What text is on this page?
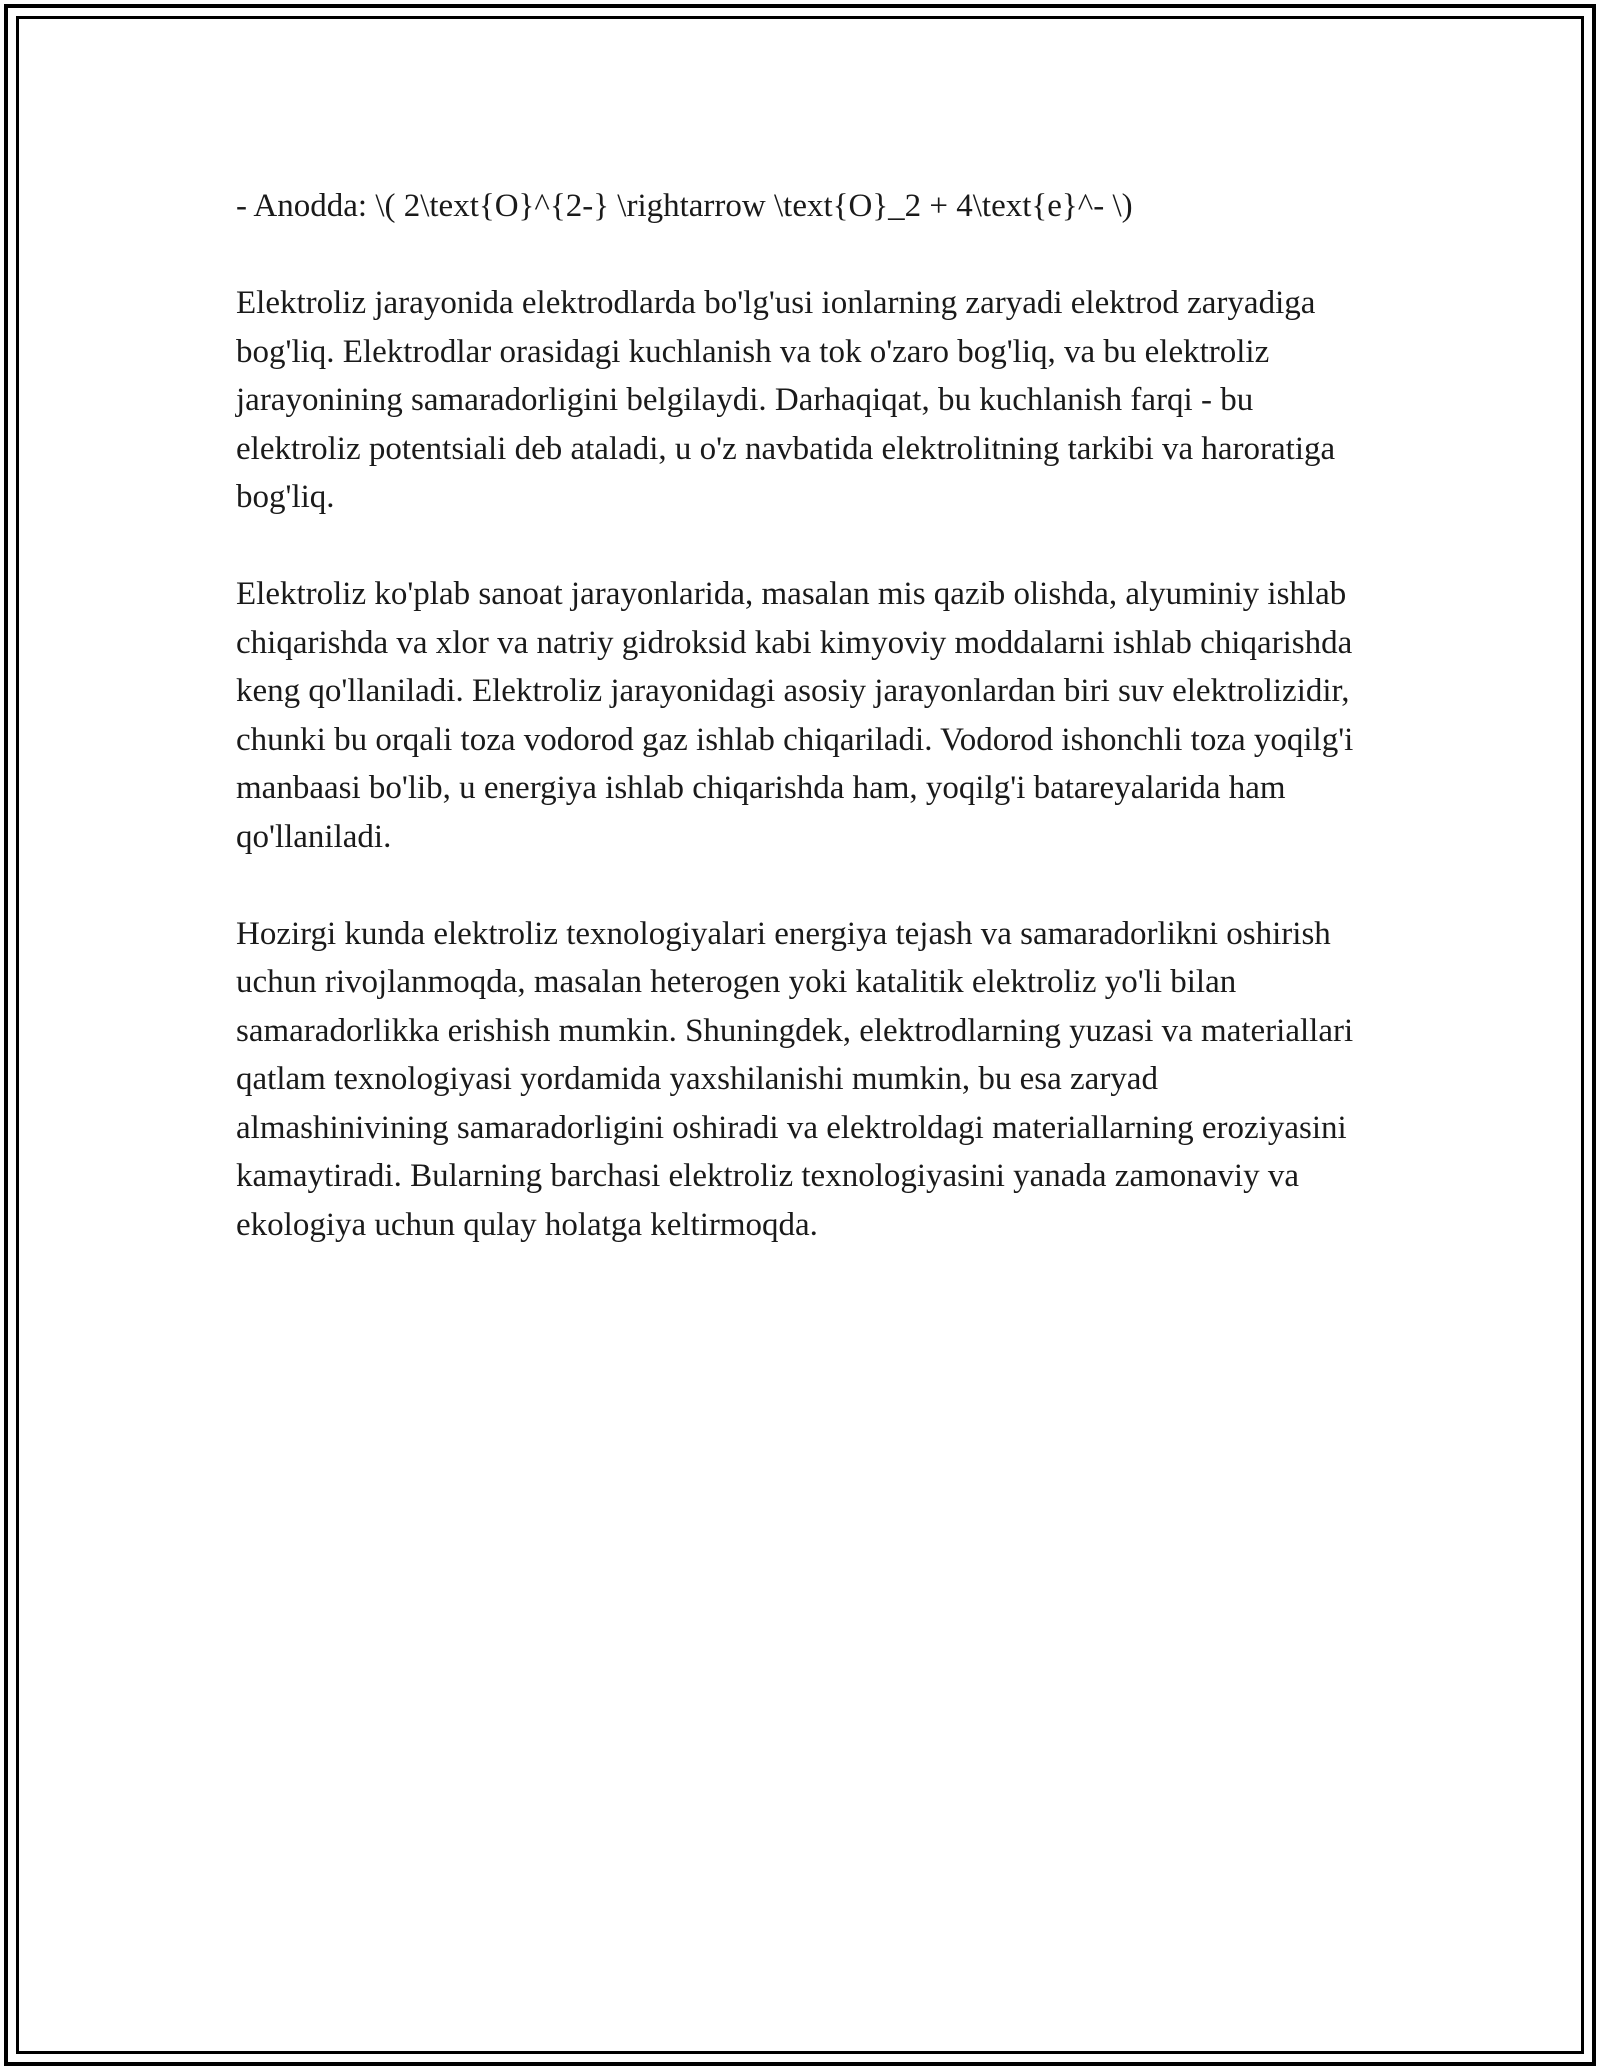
- Anodda: \( 2\text{O}^{2-} \rightarrow \text{O}_2 + 4\text{e}^- \)

Elektroliz jarayonida elektrodlarda bo'lg'usi ionlarning zaryadi elektrod zaryadiga bog'liq. Elektrodlar orasidagi kuchlanish va tok o'zaro bog'liq, va bu elektroliz jarayonining samaradorligini belgilaydi. Darhaqiqat, bu kuchlanish farqi - bu elektroliz potentsiali deb ataladi, u o'z navbatida elektrolitning tarkibi va haroratiga bog'liq.

Elektroliz ko'plab sanoat jarayonlarida, masalan mis qazib olishda, alyuminiy ishlab chiqarishda va xlor va natriy gidroksid kabi kimyoviy moddalarni ishlab chiqarishda keng qo'llaniladi. Elektroliz jarayonidagi asosiy jarayonlardan biri suv elektrolizidir, chunki bu orqali toza vodorod gaz ishlab chiqariladi. Vodorod ishonchli toza yoqilg'i manbaasi bo'lib, u energiya ishlab chiqarishda ham, yoqilg'i batareyalarida ham qo'llaniladi.

Hozirgi kunda elektroliz texnologiyalari energiya tejash va samaradorlikni oshirish uchun rivojlanmoqda, masalan heterogen yoki katalitik elektroliz yo'li bilan samaradorlikka erishish mumkin. Shuningdek, elektrodlarning yuzasi va materiallari qatlam texnologiyasi yordamida yaxshilanishi mumkin, bu esa zaryad almashinivining samaradorligini oshiradi va elektroldagi materiallarning eroziyasini kamaytiradi. Bularning barchasi elektroliz texnologiyasini yanada zamonaviy va ekologiya uchun qulay holatga keltirmoqda.
